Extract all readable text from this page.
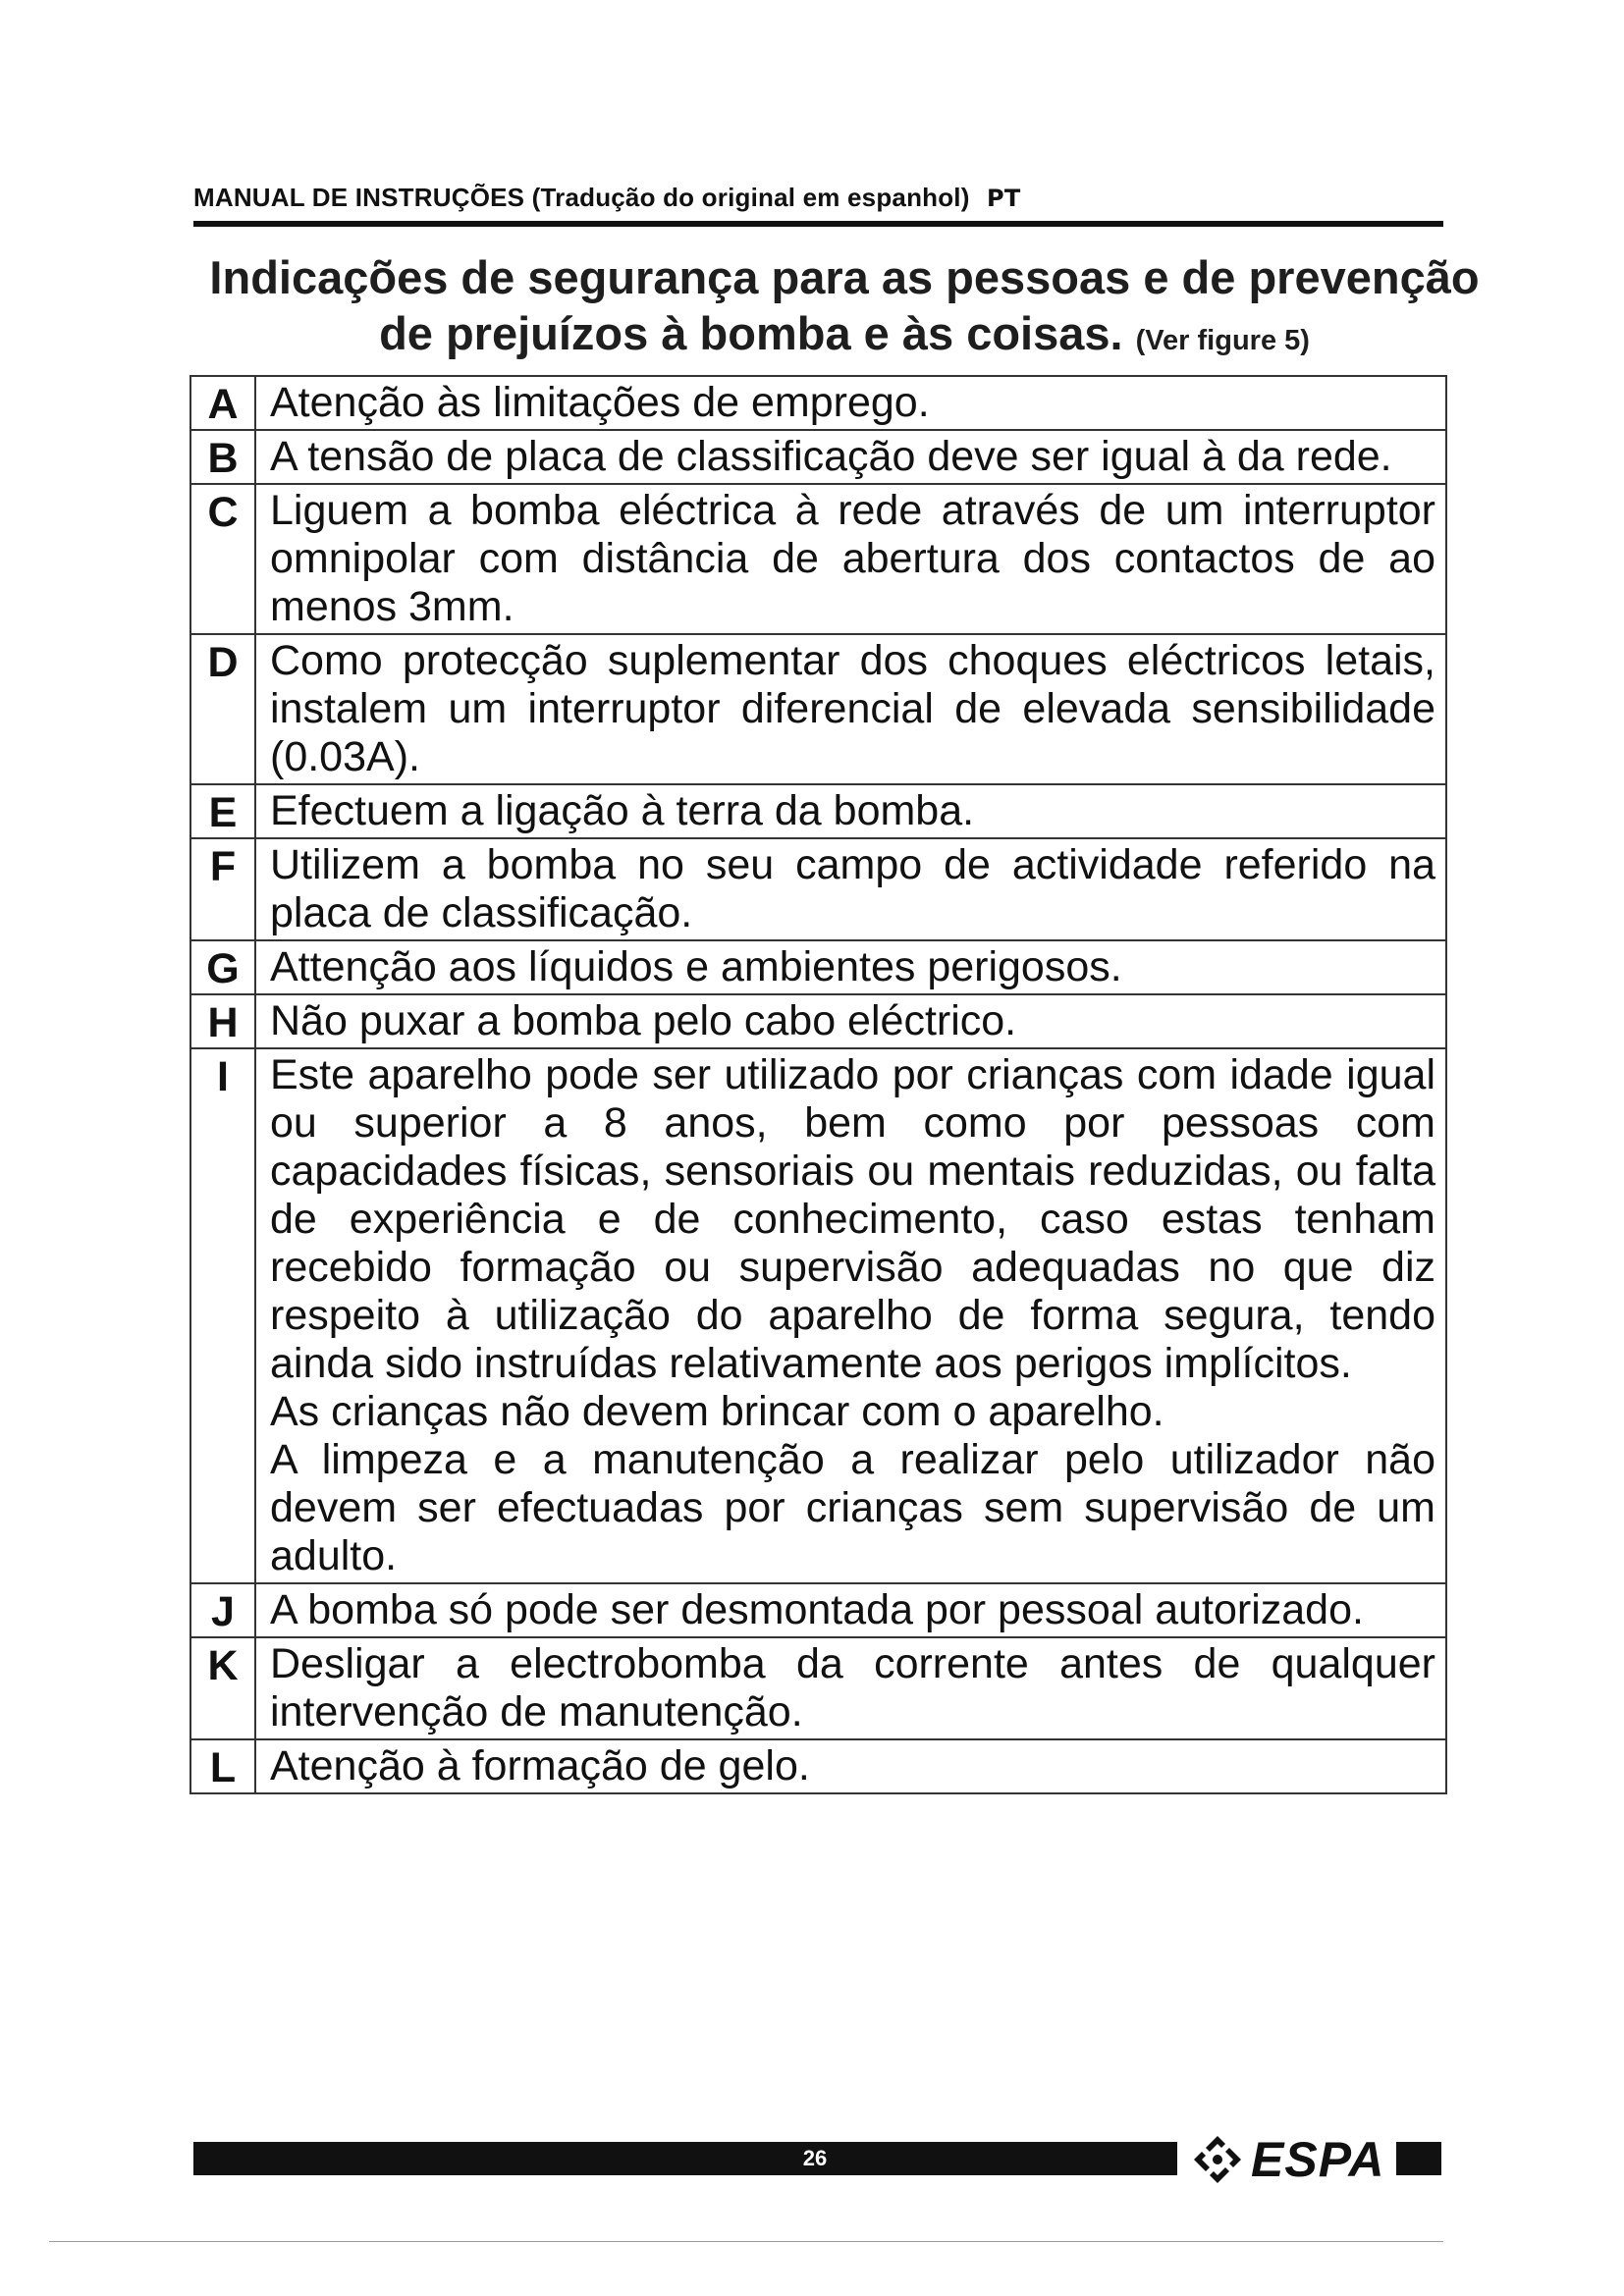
MANUAL DE INSTRUÇÕES (Tradução do original em espanhol) PT
Indicações de segurança para as pessoas e de prevenção
de prejuízos à bomba e às coisas. (Ver figure 5)
A	Atenção às limitações de emprego.
B	A tensão de placa de classificação deve ser igual à da rede.
C	Liguem a bomba eléctrica à rede através de um interruptor omnipolar com distância de abertura dos contactos de ao menos 3mm.
D	Como protecção suplementar dos choques eléctricos letais, instalem um interruptor diferencial de elevada sensibilidade (0.03A).
E	Efectuem a ligação à terra da bomba.
F	Utilizem a bomba no seu campo de actividade referido na placa de classificação.
G	Attenção aos líquidos e ambientes perigosos.
H	Não puxar a bomba pelo cabo eléctrico.
I	Este aparelho pode ser utilizado por crianças com idade igual ou superior a 8 anos, bem como por pessoas com capacidades físicas, sensoriais ou mentais reduzidas, ou falta de experiência e de conhecimento, caso estas tenham recebido formação ou supervisão adequadas no que diz respeito à utilização do aparelho de forma segura, tendo ainda sido instruídas relativamente aos perigos implícitos.
As crianças não devem brincar com o aparelho.
A limpeza e a manutenção a realizar pelo utilizador não devem ser efectuadas por crianças sem supervisão de um adulto.
J	A bomba só pode ser desmontada por pessoal autorizado.
K	Desligar a electrobomba da corrente antes de qualquer intervenção de manutenção.
L	Atenção à formação de gelo.
26	ESPA
